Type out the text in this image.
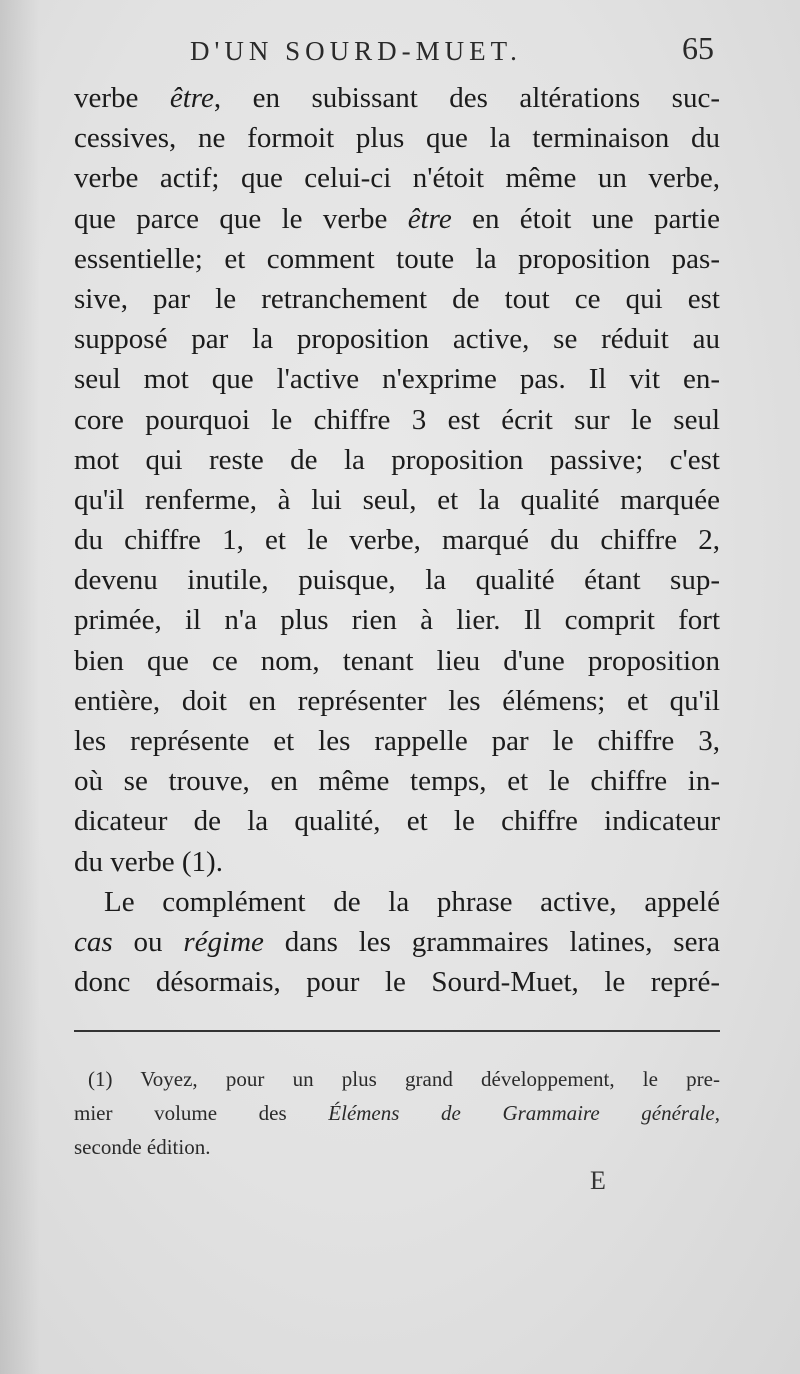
D'UN SOURD-MUET.	65
verbe être, en subissant des altérations suc-
cessives, ne formoit plus que la terminaison du
verbe actif; que celui-ci n'étoit même un verbe,
que parce que le verbe être en étoit une partie
essentielle; et comment toute la proposition pas-
sive, par le retranchement de tout ce qui est
supposé par la proposition active, se réduit au
seul mot que l'active n'exprime pas. Il vit en-
core pourquoi le chiffre 3 est écrit sur le seul
mot qui reste de la proposition passive; c'est
qu'il renferme, à lui seul, et la qualité marquée
du chiffre 1, et le verbe, marqué du chiffre 2,
devenu inutile, puisque, la qualité étant sup-
primée, il n'a plus rien à lier. Il comprit fort
bien que ce nom, tenant lieu d'une proposition
entière, doit en représenter les élémens; et qu'il
les représente et les rappelle par le chiffre 3,
où se trouve, en même temps, et le chiffre in-
dicateur de la qualité, et le chiffre indicateur
du verbe (1).
Le complément de la phrase active, appelé
cas ou régime dans les grammaires latines, sera
donc désormais, pour le Sourd-Muet, le repré-
(1) Voyez, pour un plus grand développement, le pre-
mier volume des Élémens de Grammaire générale,
seconde édition.
E
